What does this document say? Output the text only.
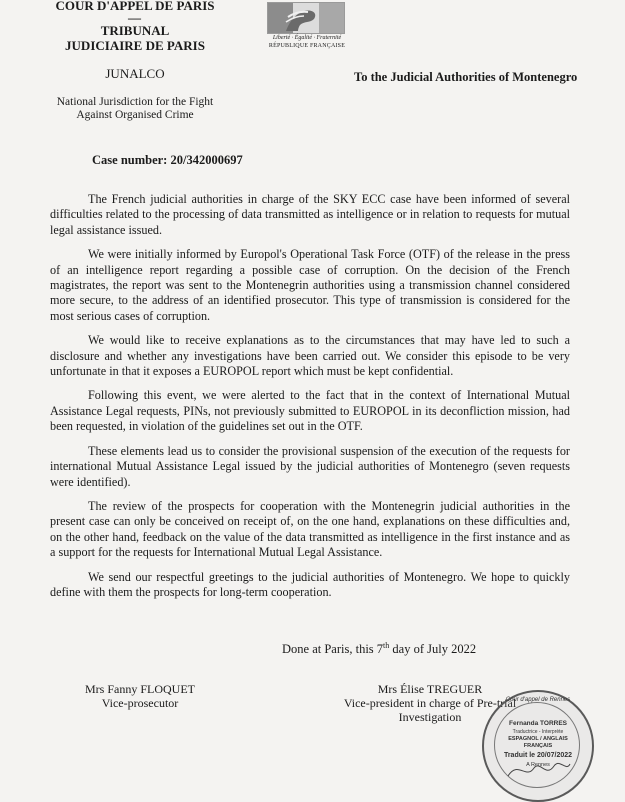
COUR D'APPEL DE PARIS
—
TRIBUNAL
JUDICIAIRE DE PARIS	Liberté · Égalité · Fraternité
RÉPUBLIQUE FRANÇAISE
JUNALCO
National Jurisdiction for the Fight
Against Organised Crime
To the Judicial Authorities of Montenegro
Case number: 20/342000697

The French judicial authorities in charge of the SKY ECC case have been informed of several difficulties related to the processing of data transmitted as intelligence or in relation to requests for mutual legal assistance issued.

We were initially informed by Europol's Operational Task Force (OTF) of the release in the press of an intelligence report regarding a possible case of corruption. On the decision of the French magistrates, the report was sent to the Montenegrin authorities using a transmission channel considered more secure, to the address of an identified prosecutor. This type of transmission is considered for the most serious cases of corruption.

We would like to receive explanations as to the circumstances that may have led to such a disclosure and whether any investigations have been carried out. We consider this episode to be very unfortunate in that it exposes a EUROPOL report which must be kept confidential.

Following this event, we were alerted to the fact that in the context of International Mutual Assistance Legal requests, PINs, not previously submitted to EUROPOL in its deconfliction mission, had been requested, in violation of the guidelines set out in the OTF.

These elements lead us to consider the provisional suspension of the execution of the requests for international Mutual Assistance Legal issued by the judicial authorities of Montenegro (seven requests were identified).

The review of the prospects for cooperation with the Montenegrin judicial authorities in the present case can only be conceived on receipt of, on the one hand, explanations on these difficulties and, on the other hand, feedback on the value of the data transmitted as intelligence in the first instance and as a support for the requests for International Mutual Legal Assistance.

We send our respectful greetings to the judicial authorities of Montenegro. We hope to quickly define with them the prospects for long-term cooperation.

Done at Paris, this 7th day of July 2022
Mrs Fanny FLOQUET
Vice-prosecutor
Mrs Élise TREGUER
Vice-president in charge of Pre-trial
Investigation
Cour d'appel de Rennes
Fernanda TORRES
Traductrice - Interprète
ESPAGNOL / ANGLAIS
FRANÇAIS
Traduit le 20/07/2022
A Rennes
